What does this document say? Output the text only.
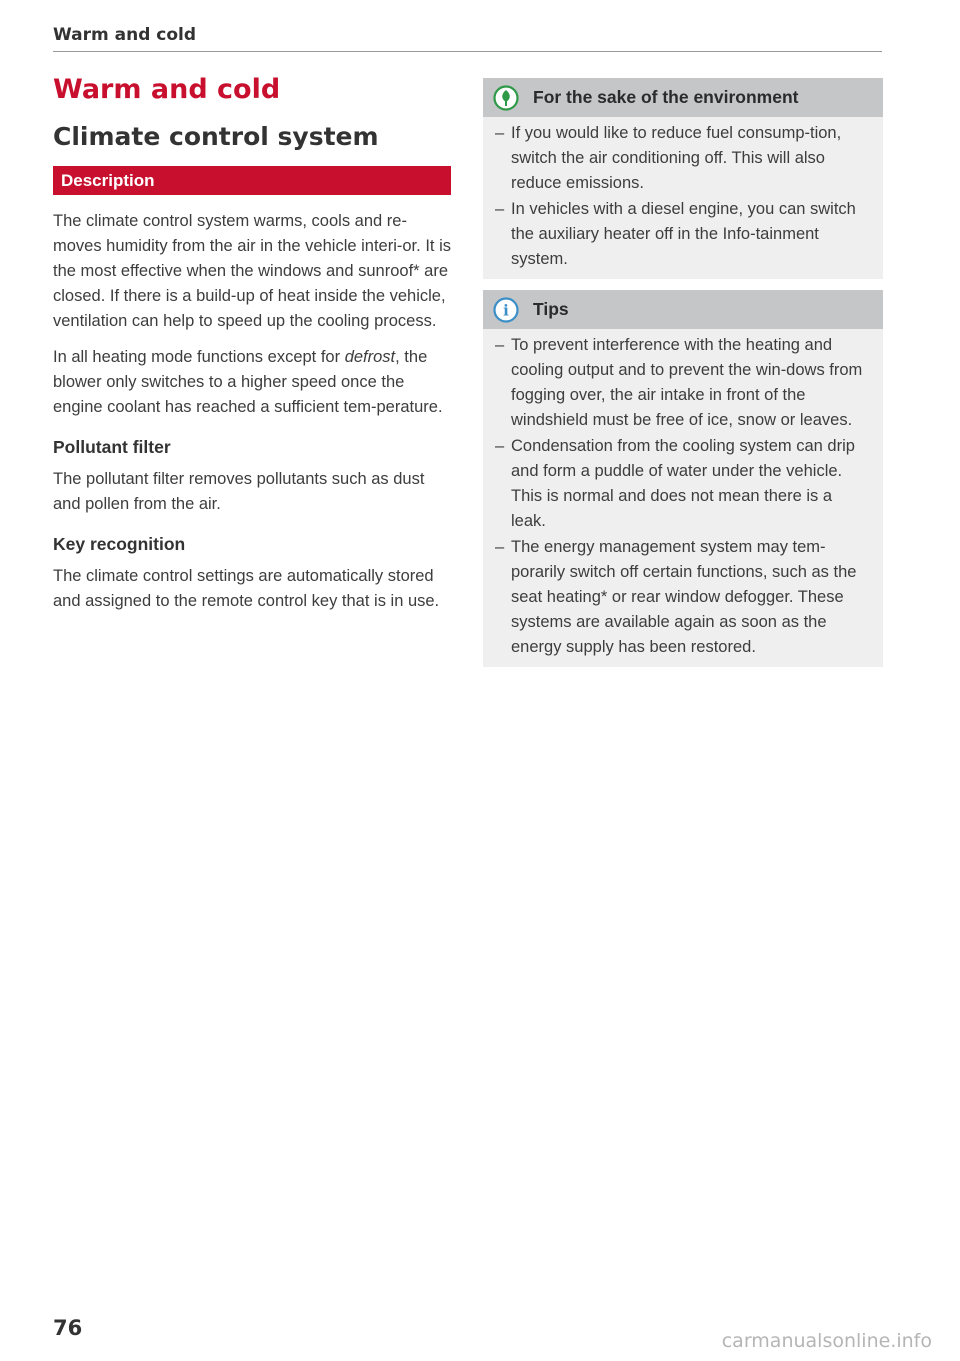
Warm and cold
Warm and cold
Climate control system
Description

The climate control system warms, cools and re-moves humidity from the air in the vehicle interi-or. It is the most effective when the windows and sunroof* are closed. If there is a build-up of heat inside the vehicle, ventilation can help to speed up the cooling process.

In all heating mode functions except for defrost, the blower only switches to a higher speed once the engine coolant has reached a sufficient tem-perature.

Pollutant filter

The pollutant filter removes pollutants such as dust and pollen from the air.

Key recognition

The climate control settings are automatically stored and assigned to the remote control key that is in use.

For the sake of the environment

– If you would like to reduce fuel consump-tion, switch the air conditioning off. This will also reduce emissions.

– In vehicles with a diesel engine, you can switch the auxiliary heater off in the Info-tainment system.

i Tips

– To prevent interference with the heating and cooling output and to prevent the win-dows from fogging over, the air intake in front of the windshield must be free of ice, snow or leaves.

– Condensation from the cooling system can drip and form a puddle of water under the vehicle. This is normal and does not mean there is a leak.

– The energy management system may tem-porarily switch off certain functions, such as the seat heating* or rear window defogger. These systems are available again as soon as the energy supply has been restored.

76
carmanualsonline.info
